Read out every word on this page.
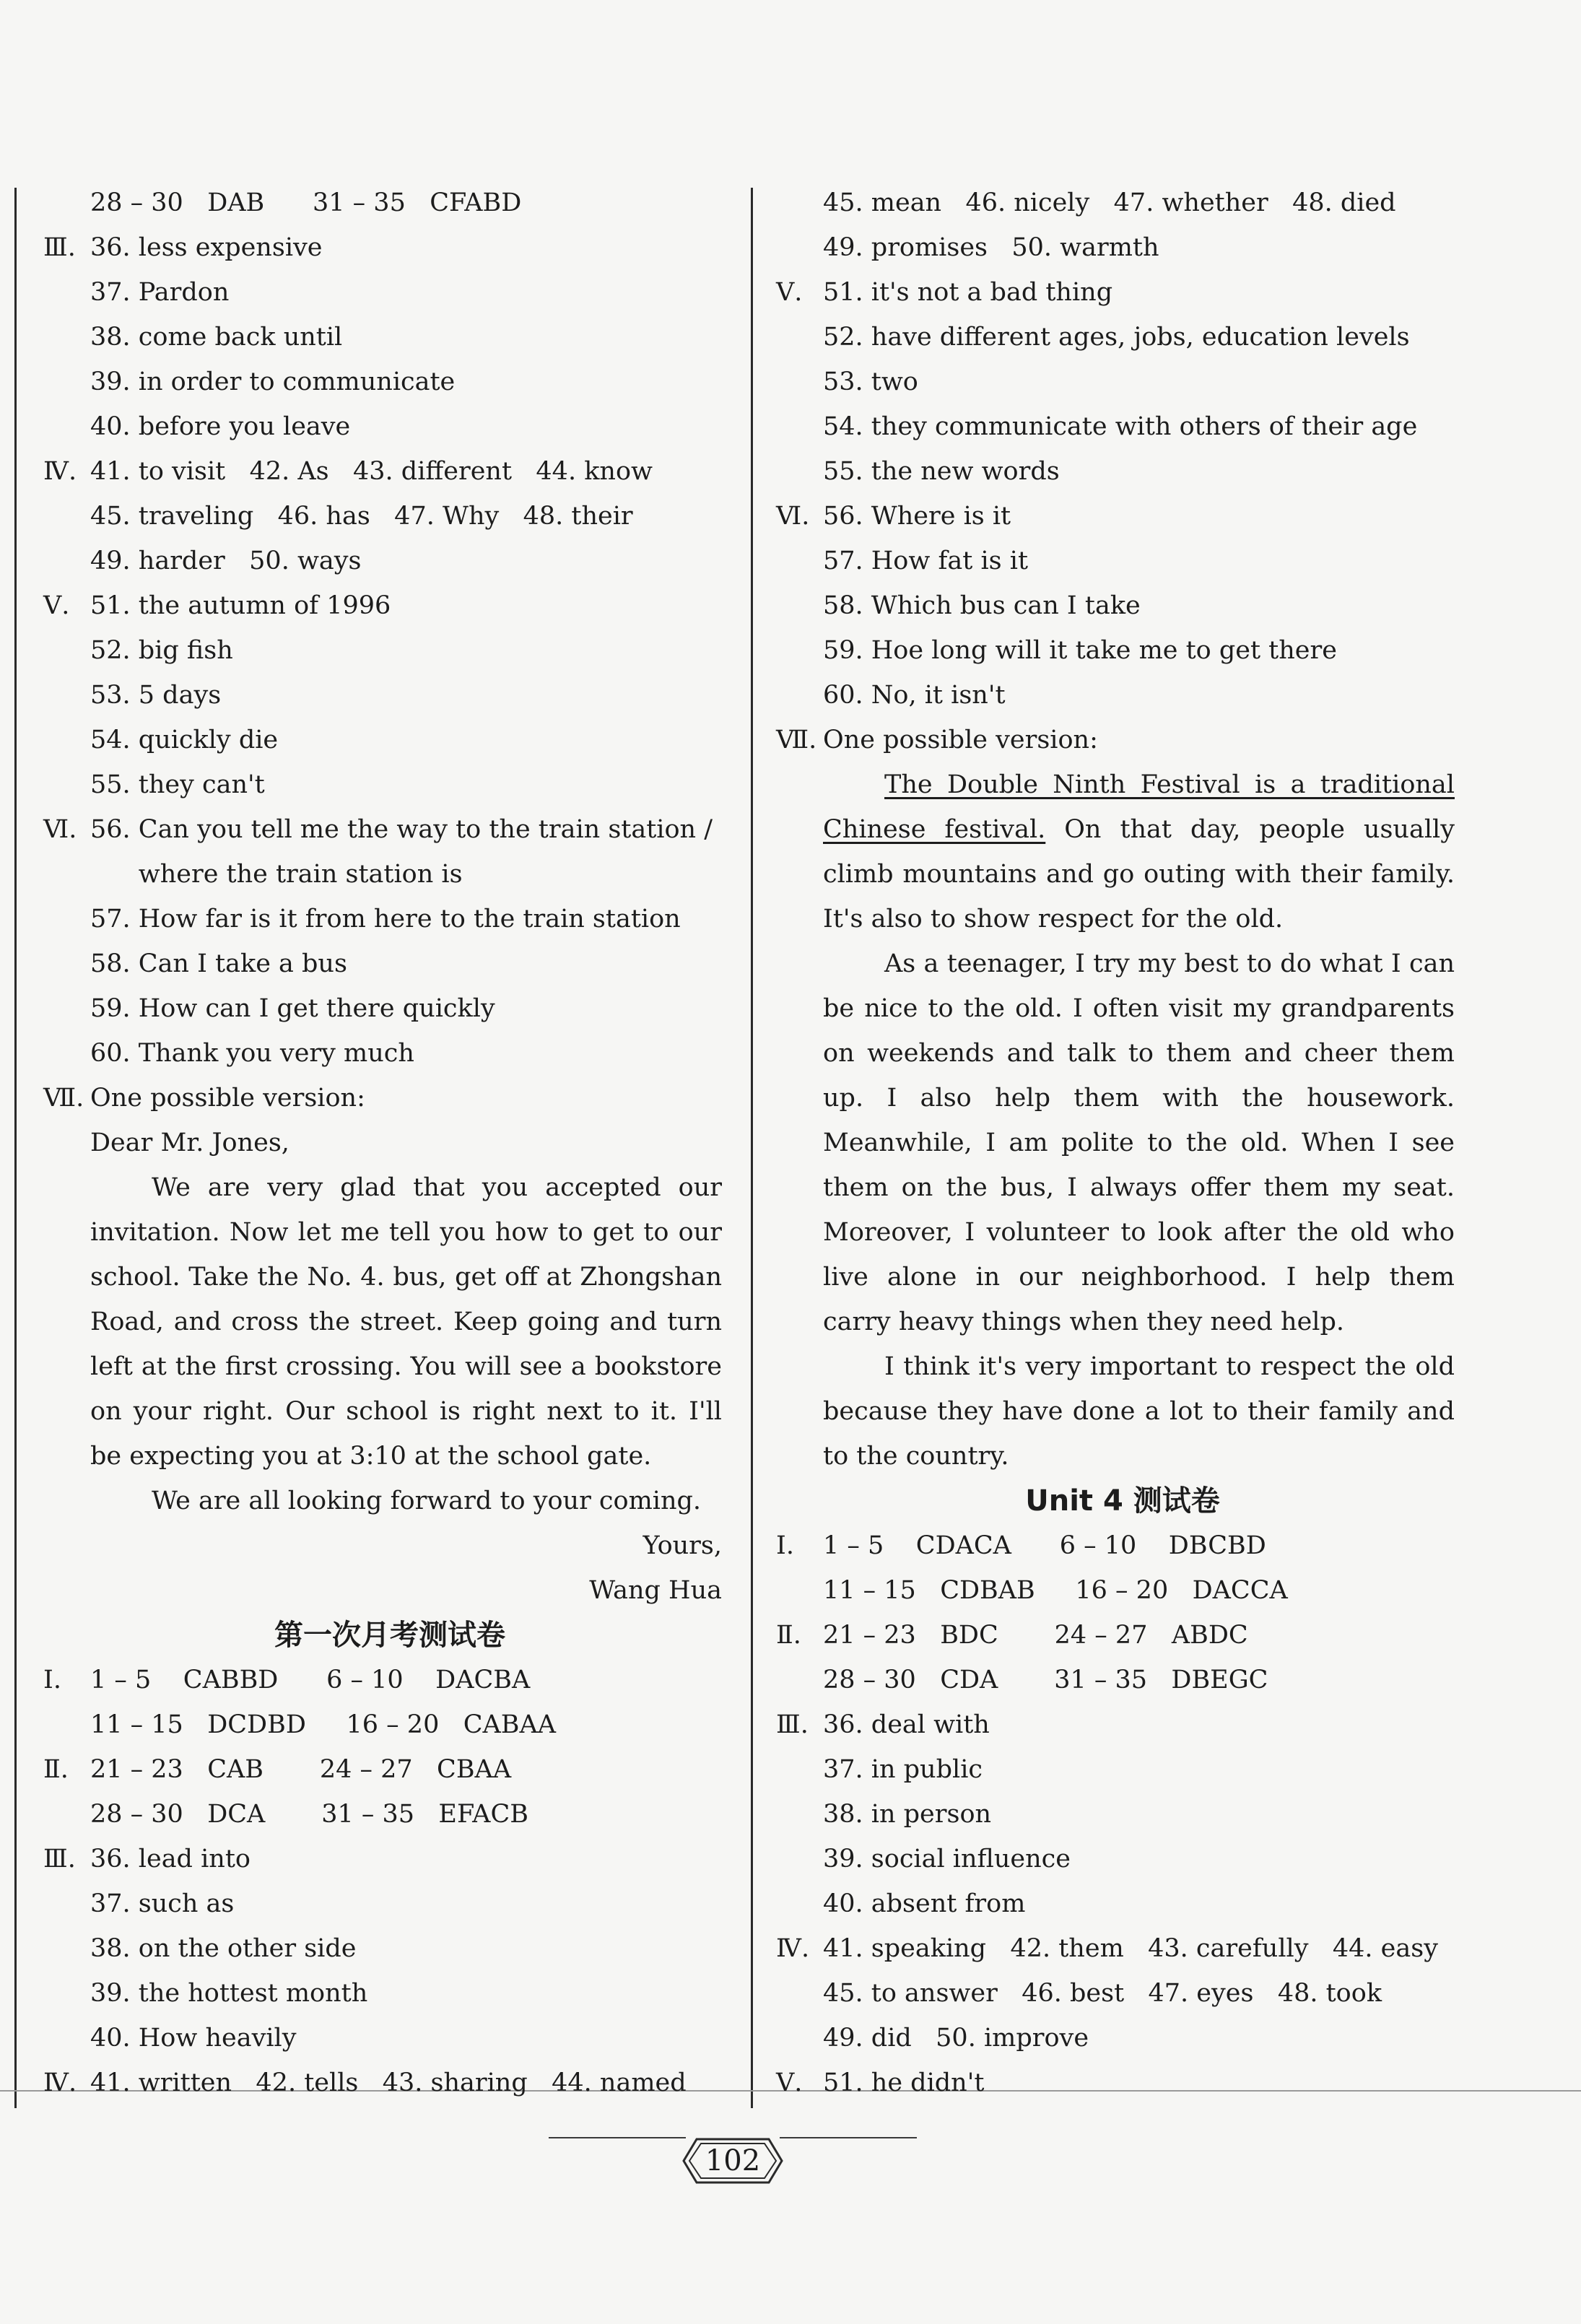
28 – 30   DAB      31 – 35   CFABD
Ⅲ. 36. less expensive
37. Pardon
38. come back until
39. in order to communicate
40. before you leave
Ⅳ. 41. to visit   42. As   43. different   44. know
45. traveling   46. has   47. Why   48. their
49. harder   50. ways
Ⅴ. 51. the autumn of 1996
52. big fish
53. 5 days
54. quickly die
55. they can't
Ⅵ. 56. Can you tell me the way to the train station /
where the train station is
57. How far is it from here to the train station
58. Can I take a bus
59. How can I get there quickly
60. Thank you very much
Ⅶ. One possible version:
Dear Mr. Jones,
We are very glad that you accepted our invitation. Now let me tell you how to get to our school. Take the No. 4. bus, get off at Zhongshan Road, and cross the street. Keep going and turn left at the first crossing. You will see a bookstore on your right. Our school is right next to it. I'll be expecting you at 3:10 at the school gate.
We are all looking forward to your coming.
Yours,
Wang Hua
第一次月考测试卷
Ⅰ.	1 – 5    CABBD      6 – 10    DACBA
11 – 15   DCDBD     16 – 20   CABAA
Ⅱ. 21 – 23   CAB       24 – 27   CBAA
28 – 30   DCA       31 – 35   EFACB
Ⅲ. 36. lead into
37. such as
38. on the other side
39. the hottest month
40. How heavily
Ⅳ. 41. written   42. tells   43. sharing   44. named
45. mean   46. nicely   47. whether   48. died
49. promises   50. warmth
Ⅴ. 51. it's not a bad thing
52. have different ages, jobs, education levels
53. two
54. they communicate with others of their age
55. the new words
Ⅵ. 56. Where is it
57. How fat is it
58. Which bus can I take
59. Hoe long will it take me to get there
60. No, it isn't
Ⅶ. One possible version:
The Double Ninth Festival is a traditional Chinese festival. On that day, people usually climb mountains and go outing with their family. It's also to show respect for the old.
As a teenager, I try my best to do what I can be nice to the old. I often visit my grandparents on weekends and talk to them and cheer them up. I also help them with the housework. Meanwhile, I am polite to the old. When I see them on the bus, I always offer them my seat. Moreover, I volunteer to look after the old who live alone in our neighborhood. I help them carry heavy things when they need help.
I think it's very important to respect the old because they have done a lot to their family and to the country.
Unit 4 测试卷
Ⅰ.	1 – 5    CDACA      6 – 10    DBCBD
11 – 15   CDBAB     16 – 20   DACCA
Ⅱ. 21 – 23   BDC       24 – 27   ABDC
28 – 30   CDA       31 – 35   DBEGC
Ⅲ. 36. deal with
37. in public
38. in person
39. social influence
40. absent from
Ⅳ. 41. speaking   42. them   43. carefully   44. easy
45. to answer   46. best   47. eyes   48. took
49. did   50. improve
Ⅴ. 51. he didn't
102
